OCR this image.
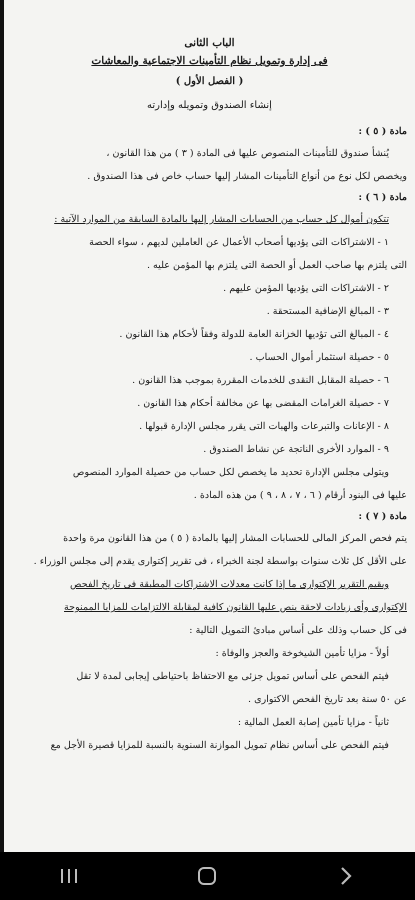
الباب الثانى
فى إدارة وتمويل نظام التأمينات الاجتماعية والمعاشات
( الفصل الأول )
إنشاء الصندوق وتمويله وإدارته
مادة ( ٥ ) :
يُنشأ صندوق للتأمينات المنصوص عليها فى المادة ( ٣ ) من هذا القانون ،
ويخصص لكل نوع من أنواع التأمينات المشار إليها حساب خاص فى هذا الصندوق .
مادة ( ٦ ) :
تتكون أموال كل حساب من الحسابات المشار إليها بالمادة السابقة من الموارد الآتية :
١ - الاشتراكات التى يؤديها أصحاب الأعمال عن العاملين لديهم ، سواء الحصة
التى يلتزم بها صاحب العمل أو الحصة التى يلتزم بها المؤمن عليه .
٢ - الاشتراكات التى يؤديها المؤمن عليهم .
٣ - المبالغ الإضافية المستحقة .
٤ - المبالغ التى تؤديها الخزانة العامة للدولة وفقاً لأحكام هذا القانون .
٥ - حصيلة استثمار أموال الحساب .
٦ - حصيلة المقابل النقدى للخدمات المقررة بموجب هذا القانون .
٧ - حصيلة الغرامات المقضى بها عن مخالفة أحكام هذا القانون .
٨ - الإعانات والتبرعات والهبات التى يقرر مجلس الإدارة قبولها .
٩ - الموارد الأخرى الناتجة عن نشاط الصندوق .
ويتولى مجلس الإدارة تحديد ما يخصص لكل حساب من حصيلة الموارد المنصوص
عليها فى البنود أرقام ( ٦ ، ٧ ، ٨ ، ٩ ) من هذه المادة .
مادة ( ٧ ) :
يتم فحص المركز المالى للحسابات المشار إليها بالمادة ( ٥ ) من هذا القانون مرة واحدة
على الأقل كل ثلاث سنوات بواسطة لجنة الخبراء ، فى تقرير إكتوارى يقدم إلى مجلس الوزراء .
ويقيم التقرير الإكتوارى ما إذا كانت معدلات الاشتراكات المطبقة فى تاريخ الفحص
الإكتوارى وأى زيادات لاحقة ينص عليها القانون كافية لمقابلة الالتزامات للمزايا الممنوحة
فى كل حساب وذلك على أساس مبادئ التمويل التالية :
أولاً - مزايا تأمين الشيخوخة والعجز والوفاة :
فيتم الفحص على أساس تمويل جزئى مع الاحتفاظ باحتياطى إيجابى لمدة لا تقل
عن ٥٠ سنة بعد تاريخ الفحص الاكتوارى .
ثانياً - مزايا تأمين إصابة العمل المالية :
فيتم الفحص على أساس نظام تمويل الموازنة السنوية بالنسبة للمزايا قصيرة الأجل مع
